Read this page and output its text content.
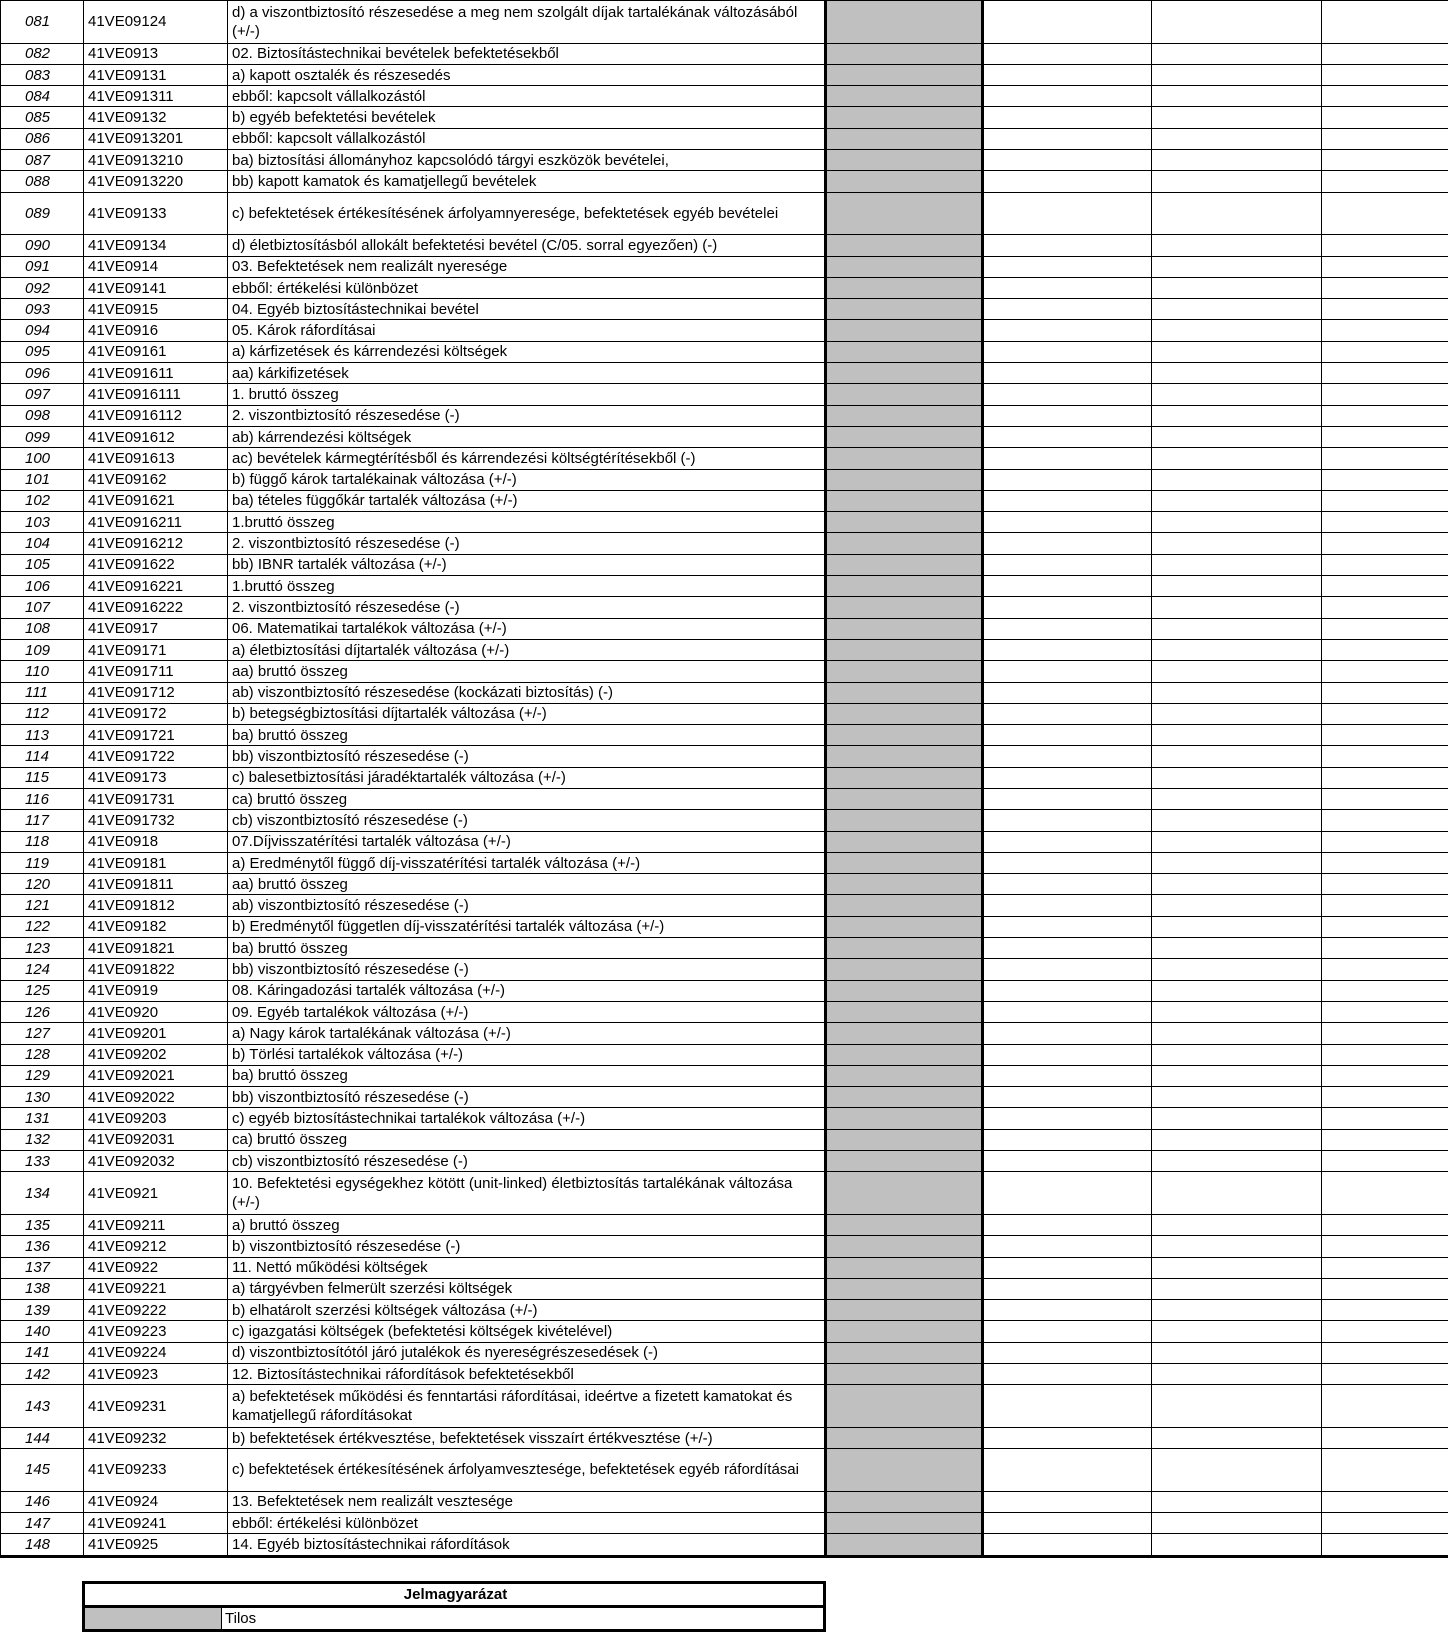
081	41VE09124	d) a viszontbiztosító részesedése a meg nem szolgált díjak tartalékának változásából (+/-)				
082	41VE0913	02. Biztosítástechnikai bevételek befektetésekből				
083	41VE09131	a) kapott osztalék és részesedés				
084	41VE091311	ebből: kapcsolt vállalkozástól				
085	41VE09132	b) egyéb befektetési bevételek				
086	41VE0913201	ebből: kapcsolt vállalkozástól				
087	41VE0913210	ba) biztosítási állományhoz kapcsolódó tárgyi eszközök bevételei,				
088	41VE0913220	bb) kapott kamatok és kamatjellegű bevételek				
089	41VE09133	c) befektetések értékesítésének árfolyamnyeresége, befektetések egyéb bevételei				
090	41VE09134	d) életbiztosításból allokált befektetési bevétel (C/05. sorral egyezően) (-)				
091	41VE0914	03. Befektetések nem realizált nyeresége				
092	41VE09141	ebből: értékelési különbözet				
093	41VE0915	04. Egyéb biztosítástechnikai bevétel				
094	41VE0916	05. Károk ráfordításai				
095	41VE09161	a) kárfizetések és kárrendezési költségek				
096	41VE091611	aa) kárkifizetések				
097	41VE0916111	1. bruttó összeg				
098	41VE0916112	2. viszontbiztosító részesedése (-)				
099	41VE091612	ab) kárrendezési költségek				
100	41VE091613	ac) bevételek kármegtérítésből és kárrendezési költségtérítésekből (-)				
101	41VE09162	b) függő károk tartalékainak változása (+/-)				
102	41VE091621	ba) tételes függőkár tartalék változása (+/-)				
103	41VE0916211	1.bruttó összeg				
104	41VE0916212	2. viszontbiztosító részesedése (-)				
105	41VE091622	bb) IBNR tartalék változása (+/-)				
106	41VE0916221	1.bruttó összeg				
107	41VE0916222	2. viszontbiztosító részesedése (-)				
108	41VE0917	06. Matematikai tartalékok változása (+/-)				
109	41VE09171	a) életbiztosítási díjtartalék változása (+/-)				
110	41VE091711	aa) bruttó összeg				
111	41VE091712	ab) viszontbiztosító részesedése (kockázati biztosítás) (-)				
112	41VE09172	b) betegségbiztosítási díjtartalék változása (+/-)				
113	41VE091721	ba) bruttó összeg				
114	41VE091722	bb) viszontbiztosító részesedése (-)				
115	41VE09173	c) balesetbiztosítási járadéktartalék változása (+/-)				
116	41VE091731	ca) bruttó összeg				
117	41VE091732	cb) viszontbiztosító részesedése (-)				
118	41VE0918	07.Díjvisszatérítési tartalék változása (+/-)				
119	41VE09181	a) Eredménytől függő díj-visszatérítési tartalék változása (+/-)				
120	41VE091811	aa) bruttó összeg				
121	41VE091812	ab) viszontbiztosító részesedése (-)				
122	41VE09182	b) Eredménytől független díj-visszatérítési tartalék változása (+/-)				
123	41VE091821	ba) bruttó összeg				
124	41VE091822	bb) viszontbiztosító részesedése (-)				
125	41VE0919	08. Káringadozási tartalék változása (+/-)				
126	41VE0920	09. Egyéb tartalékok változása (+/-)				
127	41VE09201	a) Nagy károk tartalékának változása (+/-)				
128	41VE09202	b) Törlési tartalékok változása (+/-)				
129	41VE092021	ba) bruttó összeg				
130	41VE092022	bb) viszontbiztosító részesedése (-)				
131	41VE09203	c) egyéb biztosítástechnikai tartalékok változása (+/-)				
132	41VE092031	ca) bruttó összeg				
133	41VE092032	cb) viszontbiztosító részesedése (-)				
134	41VE0921	10. Befektetési egységekhez kötött (unit-linked) életbiztosítás tartalékának változása (+/-)				
135	41VE09211	a) bruttó összeg				
136	41VE09212	b) viszontbiztosító részesedése (-)				
137	41VE0922	11. Nettó működési költségek				
138	41VE09221	a) tárgyévben felmerült szerzési költségek				
139	41VE09222	b) elhatárolt szerzési költségek változása (+/-)				
140	41VE09223	c) igazgatási költségek (befektetési költségek kivételével)				
141	41VE09224	d) viszontbiztosítótól járó jutalékok és nyereségrészesedések (-)				
142	41VE0923	12. Biztosítástechnikai ráfordítások befektetésekből				
143	41VE09231	a) befektetések működési és fenntartási ráfordításai, ideértve a fizetett kamatokat és kamatjellegű ráfordításokat				
144	41VE09232	b) befektetések értékvesztése, befektetések visszaírt értékvesztése (+/-)				
145	41VE09233	c) befektetések értékesítésének árfolyamvesztesége, befektetések egyéb ráfordításai				
146	41VE0924	13. Befektetések nem realizált vesztesége				
147	41VE09241	ebből: értékelési különbözet				
148	41VE0925	14. Egyéb biztosítástechnikai ráfordítások				
Jelmagyarázat
	Tilos
